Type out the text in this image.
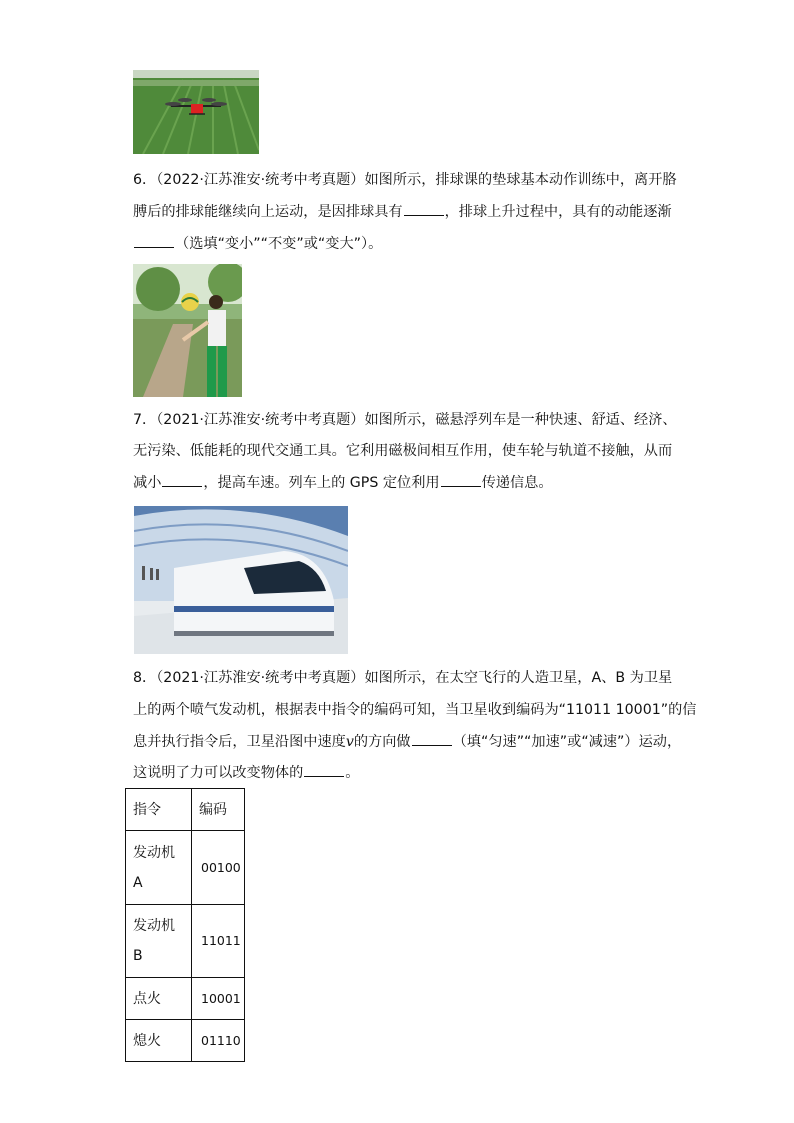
6．（2022·江苏淮安·统考中考真题）如图所示，排球课的垫球基本动作训练中，离开胳
膊后的排球能继续向上运动，是因排球具有	，排球上升过程中，具有的动能逐渐
（选填“变小”“不变”或“变大”）。
7．（2021·江苏淮安·统考中考真题）如图所示，磁悬浮列车是一种快速、舒适、经济、
无污染、低能耗的现代交通工具。它利用磁极间相互作用，使车轮与轨道不接触，从而
减小	，提高车速。列车上的 GPS 定位利用	传递信息。
8．（2021·江苏淮安·统考中考真题）如图所示，在太空飞行的人造卫星，A、B 为卫星
上的两个喷气发动机，根据表中指令的编码可知，当卫星收到编码为“11011 10001”的信
息并执行指令后，卫星沿图中速度v的方向做	（填“匀速”“加速”或“减速”）运动，
这说明了力可以改变物体的	。
指令	编码
发动机
A	00100
发动机
B	11011
点火	10001
熄火	01110
